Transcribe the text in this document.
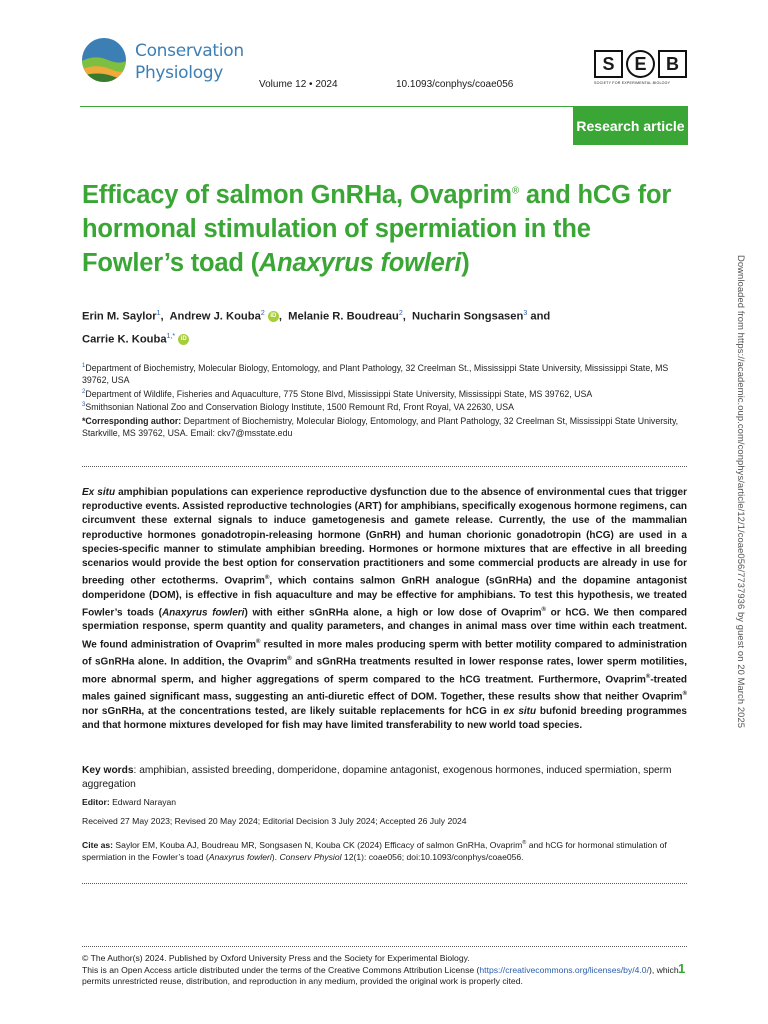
Conservation
Physiology
Volume 12 • 2024	10.1093/conphys/coae056
S	E	B
SOCIETY FOR EXPERIMENTAL BIOLOGY
Research article
Efficacy of salmon GnRHa, Ovaprim® and hCG for hormonal stimulation of spermiation in the Fowler’s toad (Anaxyrus fowleri)
Erin M. Saylor$^1$,  Andrew J. Kouba$^2$ iD ,  Melanie R. Boudreau$^2$,  Nucharin Songsasen$^3$ and
Carrie K. Kouba$^{1,*}$ iD
$^1$Department of Biochemistry, Molecular Biology, Entomology, and Plant Pathology, 32 Creelman St., Mississippi State University, Mississippi State, MS 39762, USA
$^2$Department of Wildlife, Fisheries and Aquaculture, 775 Stone Blvd, Mississippi State University, Mississippi State, MS 39762, USA
$^3$Smithsonian National Zoo and Conservation Biology Institute, 1500 Remount Rd, Front Royal, VA 22630, USA
*Corresponding author: Department of Biochemistry, Molecular Biology, Entomology, and Plant Pathology, 32 Creelman St, Mississippi State University, Starkville, MS 39762, USA. Email: ckv7@msstate.edu
Ex situ amphibian populations can experience reproductive dysfunction due to the absence of environmental cues that trigger reproductive events. Assisted reproductive technologies (ART) for amphibians, specifically exogenous hormone regimens, can circumvent these external signals to induce gametogenesis and gamete release. Currently, the use of the mammalian reproductive hormones gonadotropin-releasing hormone (GnRH) and human chorionic gonadotropin (hCG) are used in a species-specific manner to stimulate amphibian breeding. Hormones or hormone mixtures that are effective in all breeding scenarios would provide the best option for conservation practitioners and some commercial products are already in use for breeding other ectotherms. Ovaprim®, which contains salmon GnRH analogue (sGnRHa) and the dopamine antagonist domperidone (DOM), is effective in fish aquaculture and may be effective for amphibians. To test this hypothesis, we treated Fowler’s toads (Anaxyrus fowleri) with either sGnRHa alone, a high or low dose of Ovaprim® or hCG. We then compared spermiation response, sperm quantity and quality parameters, and changes in animal mass over time within each treatment. We found administration of Ovaprim® resulted in more males producing sperm with better motility compared to administration of sGnRHa alone. In addition, the Ovaprim® and sGnRHa treatments resulted in lower response rates, lower sperm motilities, more abnormal sperm, and higher aggregations of sperm compared to the hCG treatment. Furthermore, Ovaprim®-treated males gained significant mass, suggesting an anti-diuretic effect of DOM. Together, these results show that neither Ovaprim® nor sGnRHa, at the concentrations tested, are likely suitable replacements for hCG in ex situ bufonid breeding programmes and that hormone mixtures developed for fish may have limited transferability to new world toad species.
Key words: amphibian, assisted breeding, domperidone, dopamine antagonist, exogenous hormones, induced spermiation, sperm aggregation
Editor: Edward Narayan
Received 27 May 2023; Revised 20 May 2024; Editorial Decision 3 July 2024; Accepted 26 July 2024
Cite as: Saylor EM, Kouba AJ, Boudreau MR, Songsasen N, Kouba CK (2024) Efficacy of salmon GnRHa, Ovaprim® and hCG for hormonal stimulation of spermiation in the Fowler’s toad (Anaxyrus fowleri). Conserv Physiol 12(1): coae056; doi:10.1093/conphys/coae056.
© The Author(s) 2024. Published by Oxford University Press and the Society for Experimental Biology.
This is an Open Access article distributed under the terms of the Creative Commons Attribution License (https://creativecommons.org/licenses/by/4.0/), which permits unrestricted reuse, distribution, and reproduction in any medium, provided the original work is properly cited.
1
Downloaded from https://academic.oup.com/conphys/article/12/1/coae056/7737936 by guest on 20 March 2025
